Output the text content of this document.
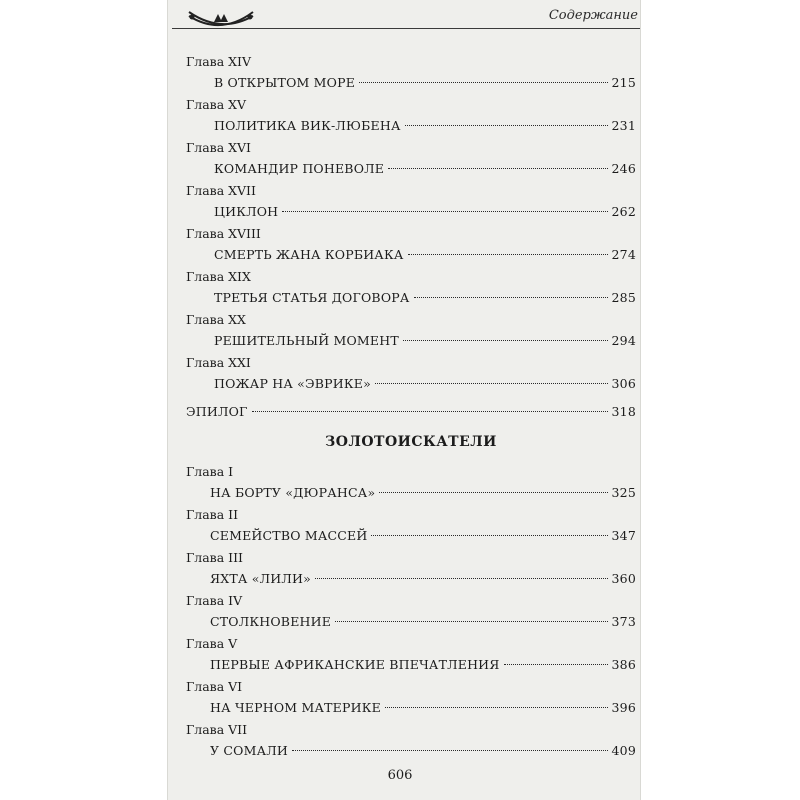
Содержание
Глава XIV
В ОТКРЫТОМ МОРЕ	215
Глава XV
ПОЛИТИКА ВИК-ЛЮБЕНА	231
Глава XVI
КОМАНДИР ПОНЕВОЛЕ	246
Глава XVII
ЦИКЛОН	262
Глава XVIII
СМЕРТЬ ЖАНА КОРБИАКА	274
Глава XIX
ТРЕТЬЯ СТАТЬЯ ДОГОВОРА	285
Глава XX
РЕШИТЕЛЬНЫЙ МОМЕНТ	294
Глава XXI
ПОЖАР НА «ЭВРИКЕ»	306
ЭПИЛОГ	318
ЗОЛОТОИСКАТЕЛИ
Глава I
НА БОРТУ «ДЮРАНСА»	325
Глава II
СЕМЕЙСТВО МАССЕЙ	347
Глава III
ЯХТА «ЛИЛИ»	360
Глава IV
СТОЛКНОВЕНИЕ	373
Глава V
ПЕРВЫЕ АФРИКАНСКИЕ ВПЕЧАТЛЕНИЯ	386
Глава VI
НА ЧЕРНОМ МАТЕРИКЕ	396
Глава VII
У СОМАЛИ	409
606
